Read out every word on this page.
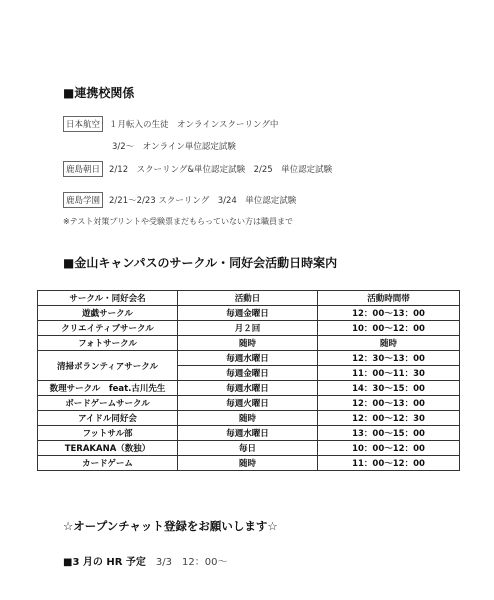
■連携校関係
日本航空 １月転入の生徒　オンラインスクーリング中
3/2～　オンライン単位認定試験
鹿島朝日 2/12　スクーリング&単位認定試験　2/25　単位認定試験
鹿島学園 2/21～2/23 スクーリング　3/24　単位認定試験
※テスト対策プリントや受験票まだもらっていない方は職員まで
■金山キャンパスのサークル・同好会活動日時案内
サークル・同好会名	活動日	活動時間帯
遊戯サークル	毎週金曜日	12：00～13：00
クリエイティブサークル	月２回	10：00～12：00
フォトサークル	随時	随時
清掃ボランティアサークル	毎週水曜日	12：30～13：00
	毎週金曜日	11：00～11：30
数理サークル　feat.古川先生	毎週水曜日	14：30～15：00
ボードゲームサークル	毎週火曜日	12：00～13：00
アイドル同好会	随時	12：00～12：30
フットサル部	毎週水曜日	13：00～15：00
TERAKANA（数独）	毎日	10：00～12：00
カードゲーム	随時	11：00～12：00
☆オープンチャット登録をお願いします☆
■3 月の HR 予定 3/3　12：00～
